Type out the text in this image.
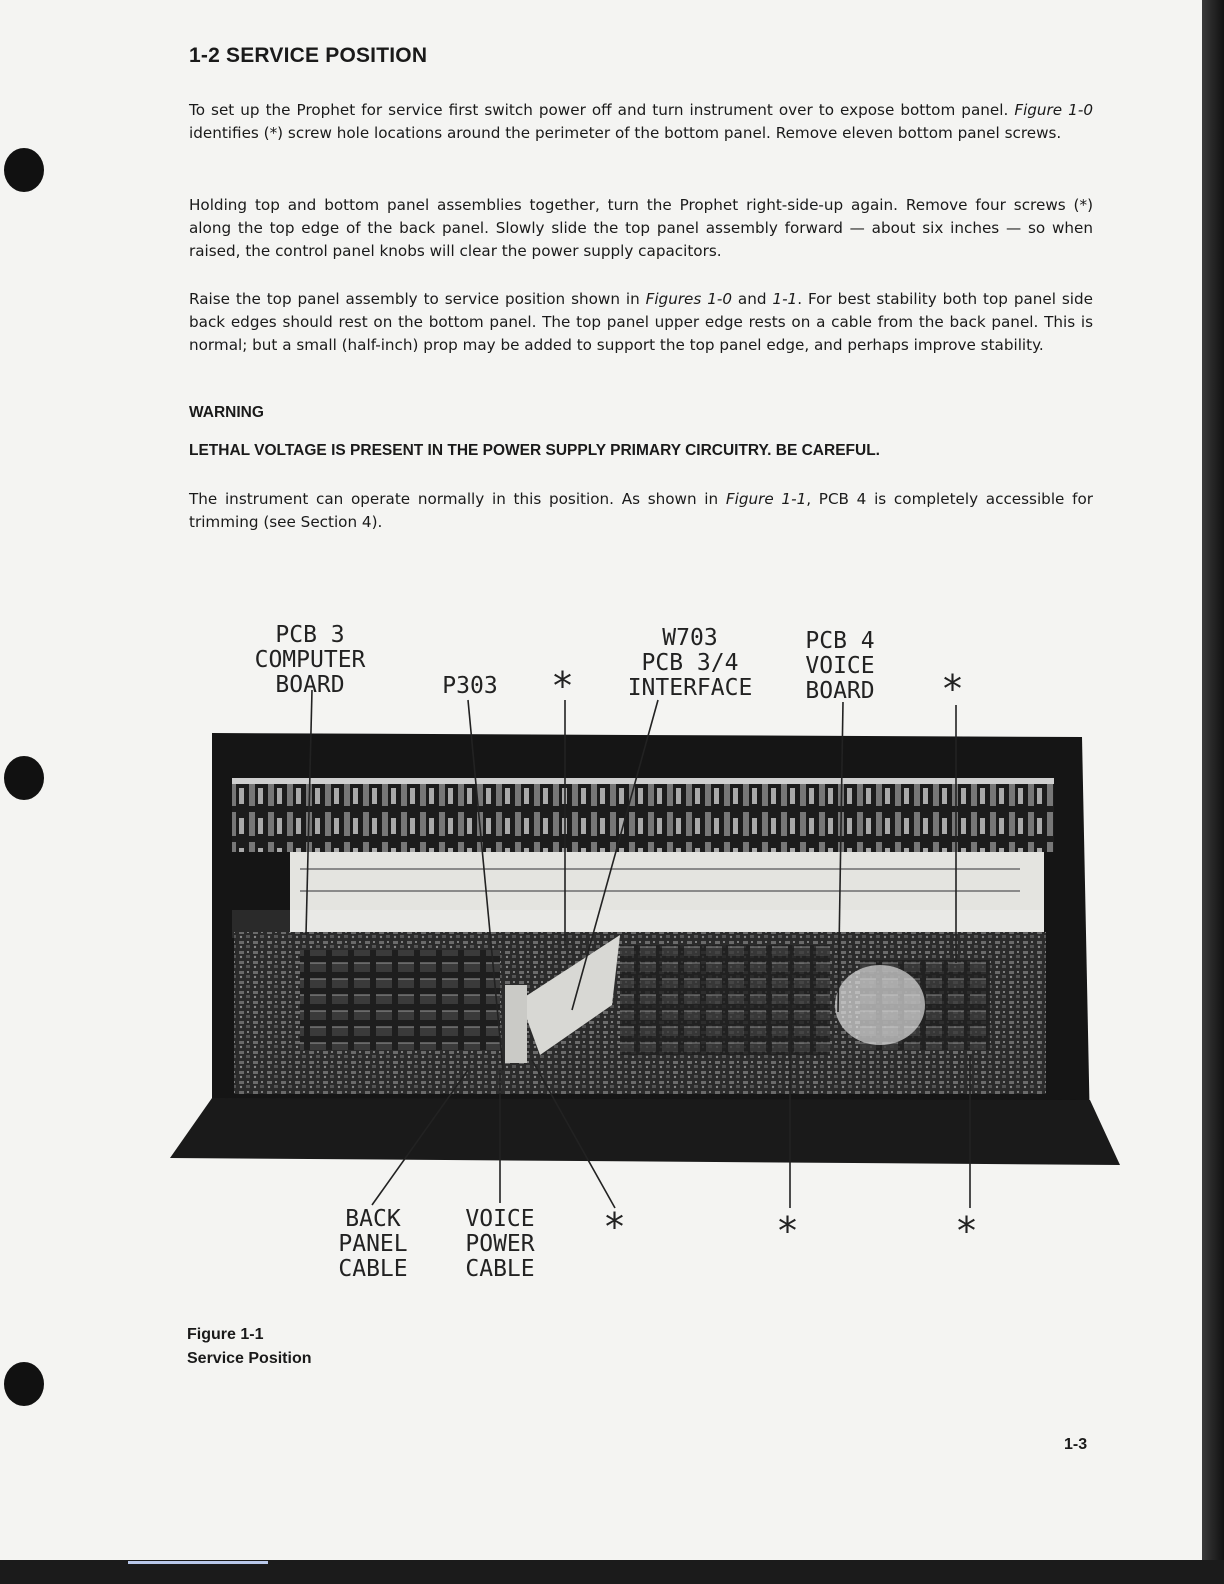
1-2 SERVICE POSITION

To set up the Prophet for service first switch power off and turn instrument over to expose bottom panel. Figure 1-0 identifies (*) screw hole locations around the perimeter of the bottom panel. Remove eleven bottom panel screws.

Holding top and bottom panel assemblies together, turn the Prophet right-side-up again. Remove four screws (*) along the top edge of the back panel. Slowly slide the top panel assembly forward — about six inches — so when raised, the control panel knobs will clear the power supply capacitors.

Raise the top panel assembly to service position shown in Figures 1-0 and 1-1. For best stability both top panel side back edges should rest on the bottom panel. The top panel upper edge rests on a cable from the back panel. This is normal; but a small (half-inch) prop may be added to support the top panel edge, and perhaps improve stability.

WARNING

LETHAL VOLTAGE IS PRESENT IN THE POWER SUPPLY PRIMARY CIRCUITRY. BE CAREFUL.

The instrument can operate normally in this position. As shown in Figure 1-1, PCB 4 is completely accessible for trimming (see Section 4).

PCB 3
COMPUTER
BOARD	P303	*
W703
PCB 3/4
INTERFACE
PCB 4
VOICE
BOARD	*
BACK
PANEL
CABLE
VOICE
POWER
CABLE
*	*	*

Figure 1-1

Service Position

1-3
